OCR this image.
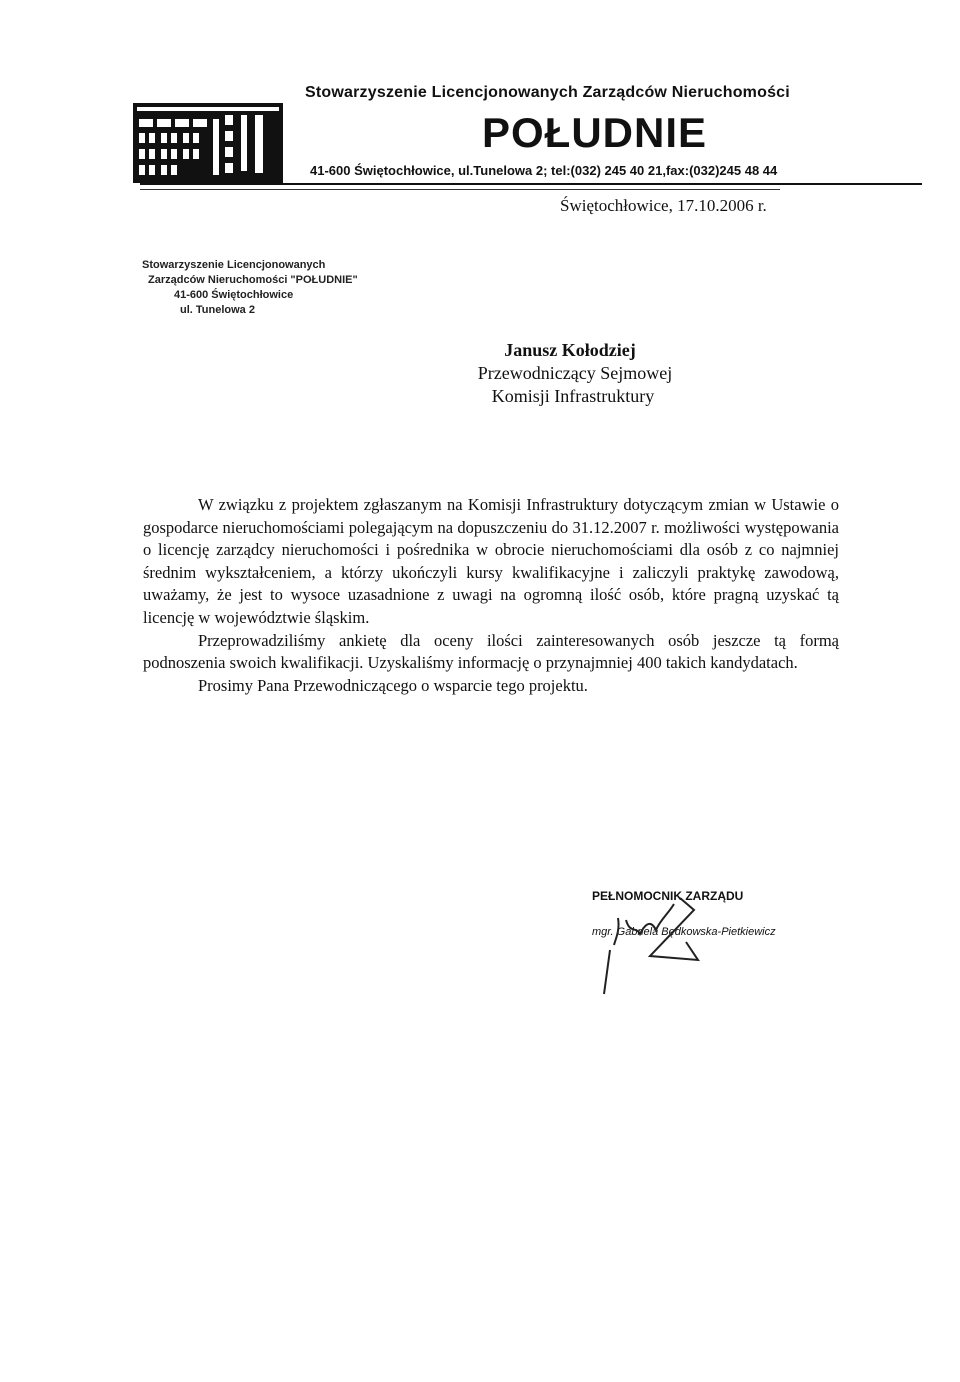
Stowarzyszenie Licencjonowanych Zarządców Nieruchomości
POŁUDNIE
41-600 Świętochłowice, ul.Tunelowa 2; tel:(032) 245 40 21,fax:(032)245 48 44
Świętochłowice, 17.10.2006 r.
Stowarzyszenie Licencjonowanych
Zarządców Nieruchomości "POŁUDNIE"
41-600 Świętochłowice
ul. Tunelowa 2
Janusz Kołodziej
Przewodniczący Sejmowej
Komisji Infrastruktury

W związku z projektem zgłaszanym na Komisji Infrastruktury dotyczącym zmian w Ustawie o gospodarce nieruchomościami polegającym na dopuszczeniu do 31.12.2007 r. możliwości występowania o licencję zarządcy nieruchomości i pośrednika w obrocie nieruchomościami dla osób z co najmniej średnim wykształceniem, a którzy ukończyli kursy kwalifikacyjne i zaliczyli praktykę zawodową, uważamy, że jest to wysoce uzasadnione z uwagi na ogromną ilość osób, które pragną uzyskać tą licencję w województwie śląskim.

Przeprowadziliśmy ankietę dla oceny ilości zainteresowanych osób jeszcze tą formą podnoszenia swoich kwalifikacji. Uzyskaliśmy informację o przynajmniej 400 takich kandydatach.

Prosimy Pana Przewodniczącego o wsparcie tego projektu.

PEŁNOMOCNIK ZARZĄDU
mgr. Gabriela Będkowska-Pietkiewicz
